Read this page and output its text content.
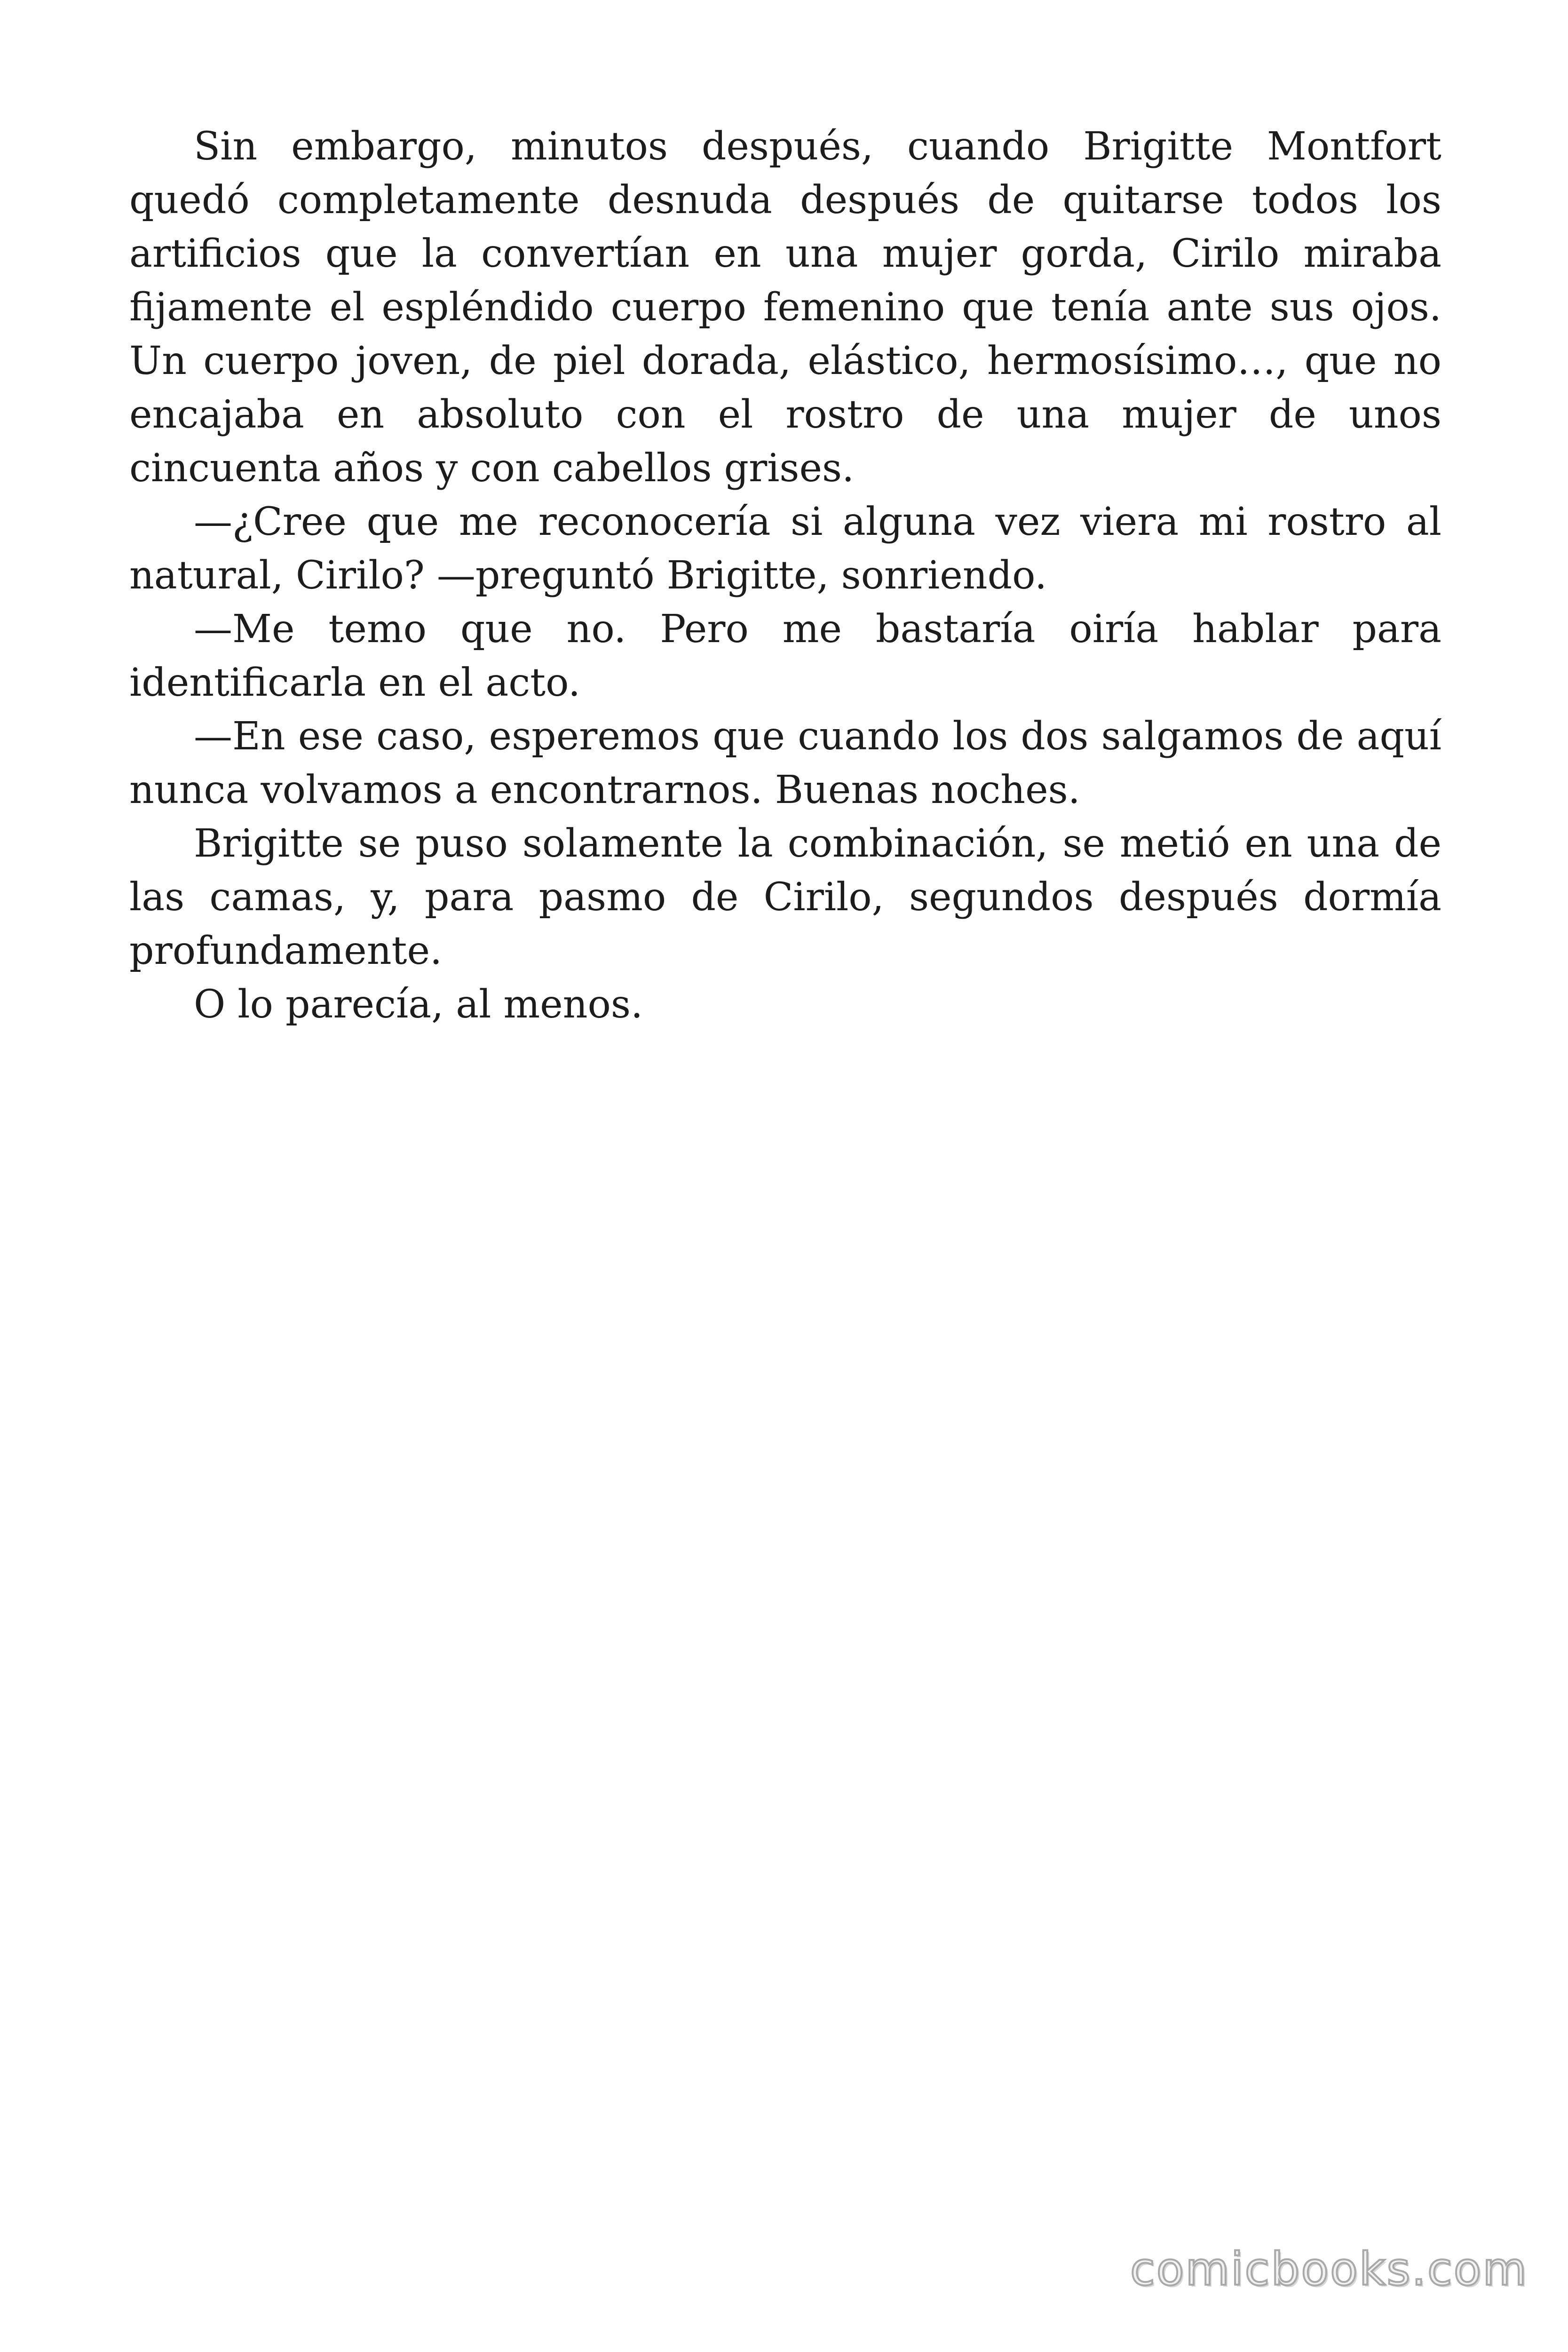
Sin embargo, minutos después, cuando Brigitte Montfort quedó completamente desnuda después de quitarse todos los artificios que la convertían en una mujer gorda, Cirilo miraba fijamente el espléndido cuerpo femenino que tenía ante sus ojos. Un cuerpo joven, de piel dorada, elástico, hermosísimo…, que no encajaba en absoluto con el rostro de una mujer de unos cincuenta años y con cabellos grises.

—¿Cree que me reconocería si alguna vez viera mi rostro al natural, Cirilo? —preguntó Brigitte, sonriendo.

—Me temo que no. Pero me bastaría oiría hablar para identificarla en el acto.

—En ese caso, esperemos que cuando los dos salgamos de aquí nunca volvamos a encontrarnos. Buenas noches.

Brigitte se puso solamente la combinación, se metió en una de las camas, y, para pasmo de Cirilo, segundos después dormía profundamente.

O lo parecía, al menos.

comicbooks.com
